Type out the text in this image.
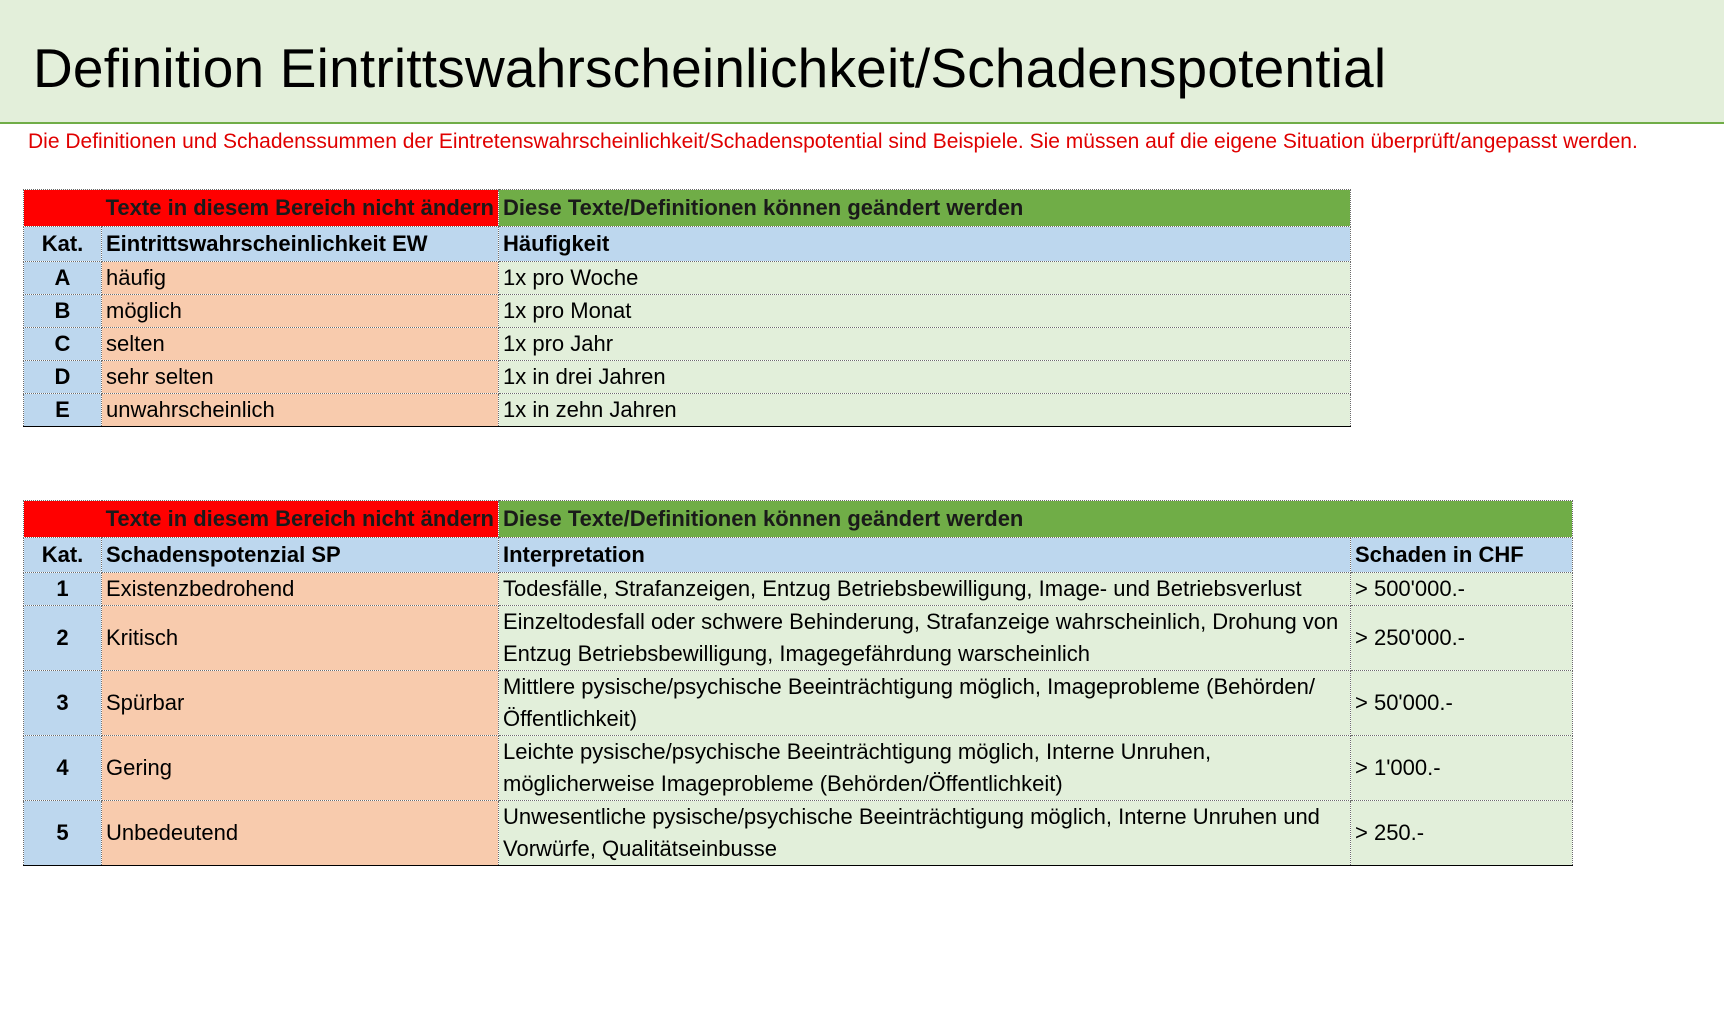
Definition Eintrittswahrscheinlichkeit/Schadenspotential
Die Definitionen und Schadenssummen der Eintretenswahrscheinlichkeit/Schadenspotential sind Beispiele. Sie müssen auf die eigene Situation überprüft/angepasst werden.
Texte in diesem Bereich nicht ändern		Diese Texte/Definitionen können geändert werden
Kat.	Eintrittswahrscheinlichkeit EW	Häufigkeit
A	häufig	1x pro Woche
B	möglich	1x pro Monat
C	selten	1x pro Jahr
D	sehr selten	1x in drei Jahren
E	unwahrscheinlich	1x in zehn Jahren
Texte in diesem Bereich nicht ändern		Diese Texte/Definitionen können geändert werden	
Kat.	Schadenspotenzial SP	Interpretation	Schaden in CHF
1	Existenzbedrohend	Todesfälle, Strafanzeigen, Entzug Betriebsbewilligung, Image- und Betriebsverlust	> 500'000.-
2	Kritisch	Einzeltodesfall oder schwere Behinderung, Strafanzeige wahrscheinlich, Drohung von Entzug Betriebsbewilligung, Imagegefährdung warscheinlich	> 250'000.-
3	Spürbar	Mittlere pysische/psychische Beeinträchtigung möglich, Imageprobleme (Behörden/Öffentlichkeit)	> 50'000.-
4	Gering	Leichte pysische/psychische Beeinträchtigung möglich, Interne Unruhen, möglicherweise Imageprobleme (Behörden/Öffentlichkeit)	> 1'000.-
5	Unbedeutend	Unwesentliche pysische/psychische Beeinträchtigung möglich, Interne Unruhen und Vorwürfe, Qualitätseinbusse	> 250.-
